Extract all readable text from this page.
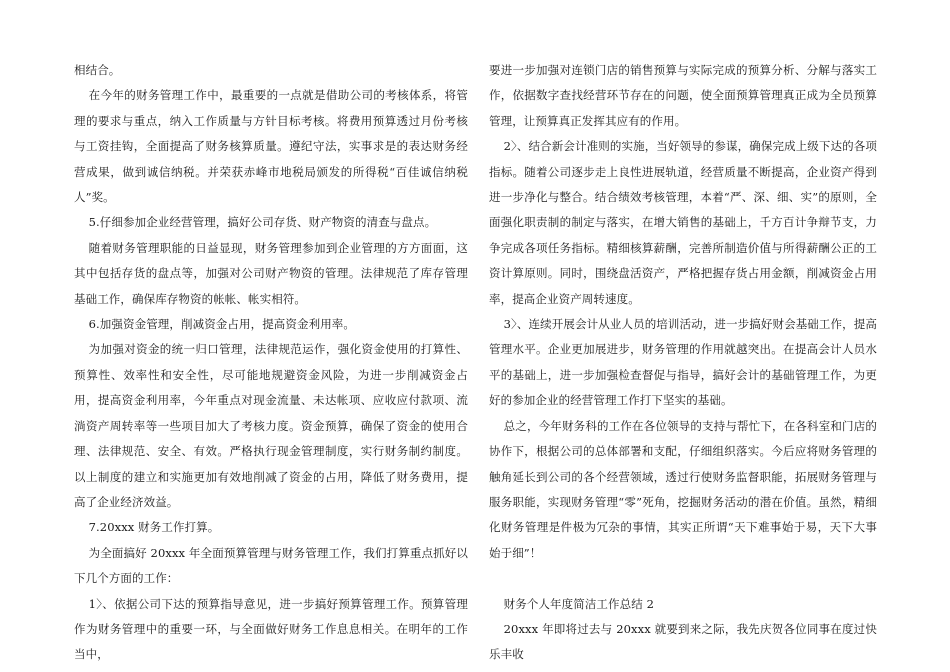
相结合。

在今年的财务管理工作中，最重要的一点就是借助公司的考核体系，将管理的要求与重点，纳入工作质量与方针目标考核。将费用预算透过月份考核与工资挂钩，全面提高了财务核算质量。遵纪守法，实事求是的表达财务经营成果，做到诚信纳税。并荣获赤峰市地税局颁发的所得税“百佳诚信纳税人”奖。

5.仔细参加企业经营管理，搞好公司存货、财产物资的清查与盘点。

随着财务管理职能的日益显现，财务管理参加到企业管理的方方面面，这其中包括存货的盘点等，加强对公司财产物资的管理。法律规范了库存管理基础工作，确保库存物资的帐帐、帐实相符。

6.加强资金管理，削减资金占用，提高资金利用率。

为加强对资金的统一归口管理，法律规范运作，强化资金使用的打算性、预算性、效率性和安全性，尽可能地规避资金风险，为进一步削减资金占用，提高资金利用率，今年重点对现金流量、未达帐项、应收应付款项、流淌资产周转率等一些项目加大了考核力度。资金预算，确保了资金的使用合理、法律规范、安全、有效。严格执行现金管理制度，实行财务制约制度。以上制度的建立和实施更加有效地削减了资金的占用，降低了财务费用，提高了企业经济效益。

7.20xxx 财务工作打算。

为全面搞好 20xxx 年全面预算管理与财务管理工作，我们打算重点抓好以下几个方面的工作：

1〉、依据公司下达的预算指导意见，进一步搞好预算管理工作。预算管理作为财务管理中的重要一环，与全面做好财务工作息息相关。在明年的工作当中，

要进一步加强对连锁门店的销售预算与实际完成的预算分析、分解与落实工作，依据数字查找经营环节存在的问题，使全面预算管理真正成为全员预算管理，让预算真正发挥其应有的作用。

2〉、结合新会计准则的实施，当好领导的参谋，确保完成上级下达的各项指标。随着公司逐步走上良性进展轨道，经营质量不断提高，企业资产得到进一步净化与整合。结合绩效考核管理，本着“严、深、细、实”的原则，全面强化职责制的制定与落实，在增大销售的基础上，千方百计争辩节支，力争完成各项任务指标。精细核算薪酬，完善所制造价值与所得薪酬公正的工资计算原则。同时，围绕盘活资产，严格把握存货占用金额，削减资金占用率，提高企业资产周转速度。

3〉、连续开展会计从业人员的培训活动，进一步搞好财会基础工作，提高管理水平。企业更加展进步，财务管理的作用就越突出。在提高会计人员水平的基础上，进一步加强检查督促与指导，搞好会计的基础管理工作，为更好的参加企业的经营管理工作打下坚实的基础。

总之，今年财务科的工作在各位领导的支持与帮忙下，在各科室和门店的协作下，根据公司的总体部署和支配，仔细组织落实。今后应将财务管理的触角延长到公司的各个经营领域，透过行使财务监督职能，拓展财务管理与服务职能，实现财务管理“零”死角，挖掘财务活动的潜在价值。虽然，精细化财务管理是件极为冗杂的事情，其实正所谓“天下难事始于易，天下大事始于细”！

财务个人年度简洁工作总结 2

20xxx 年即将过去与 20xxx 就要到来之际，我先庆贺各位同事在度过快乐丰收
